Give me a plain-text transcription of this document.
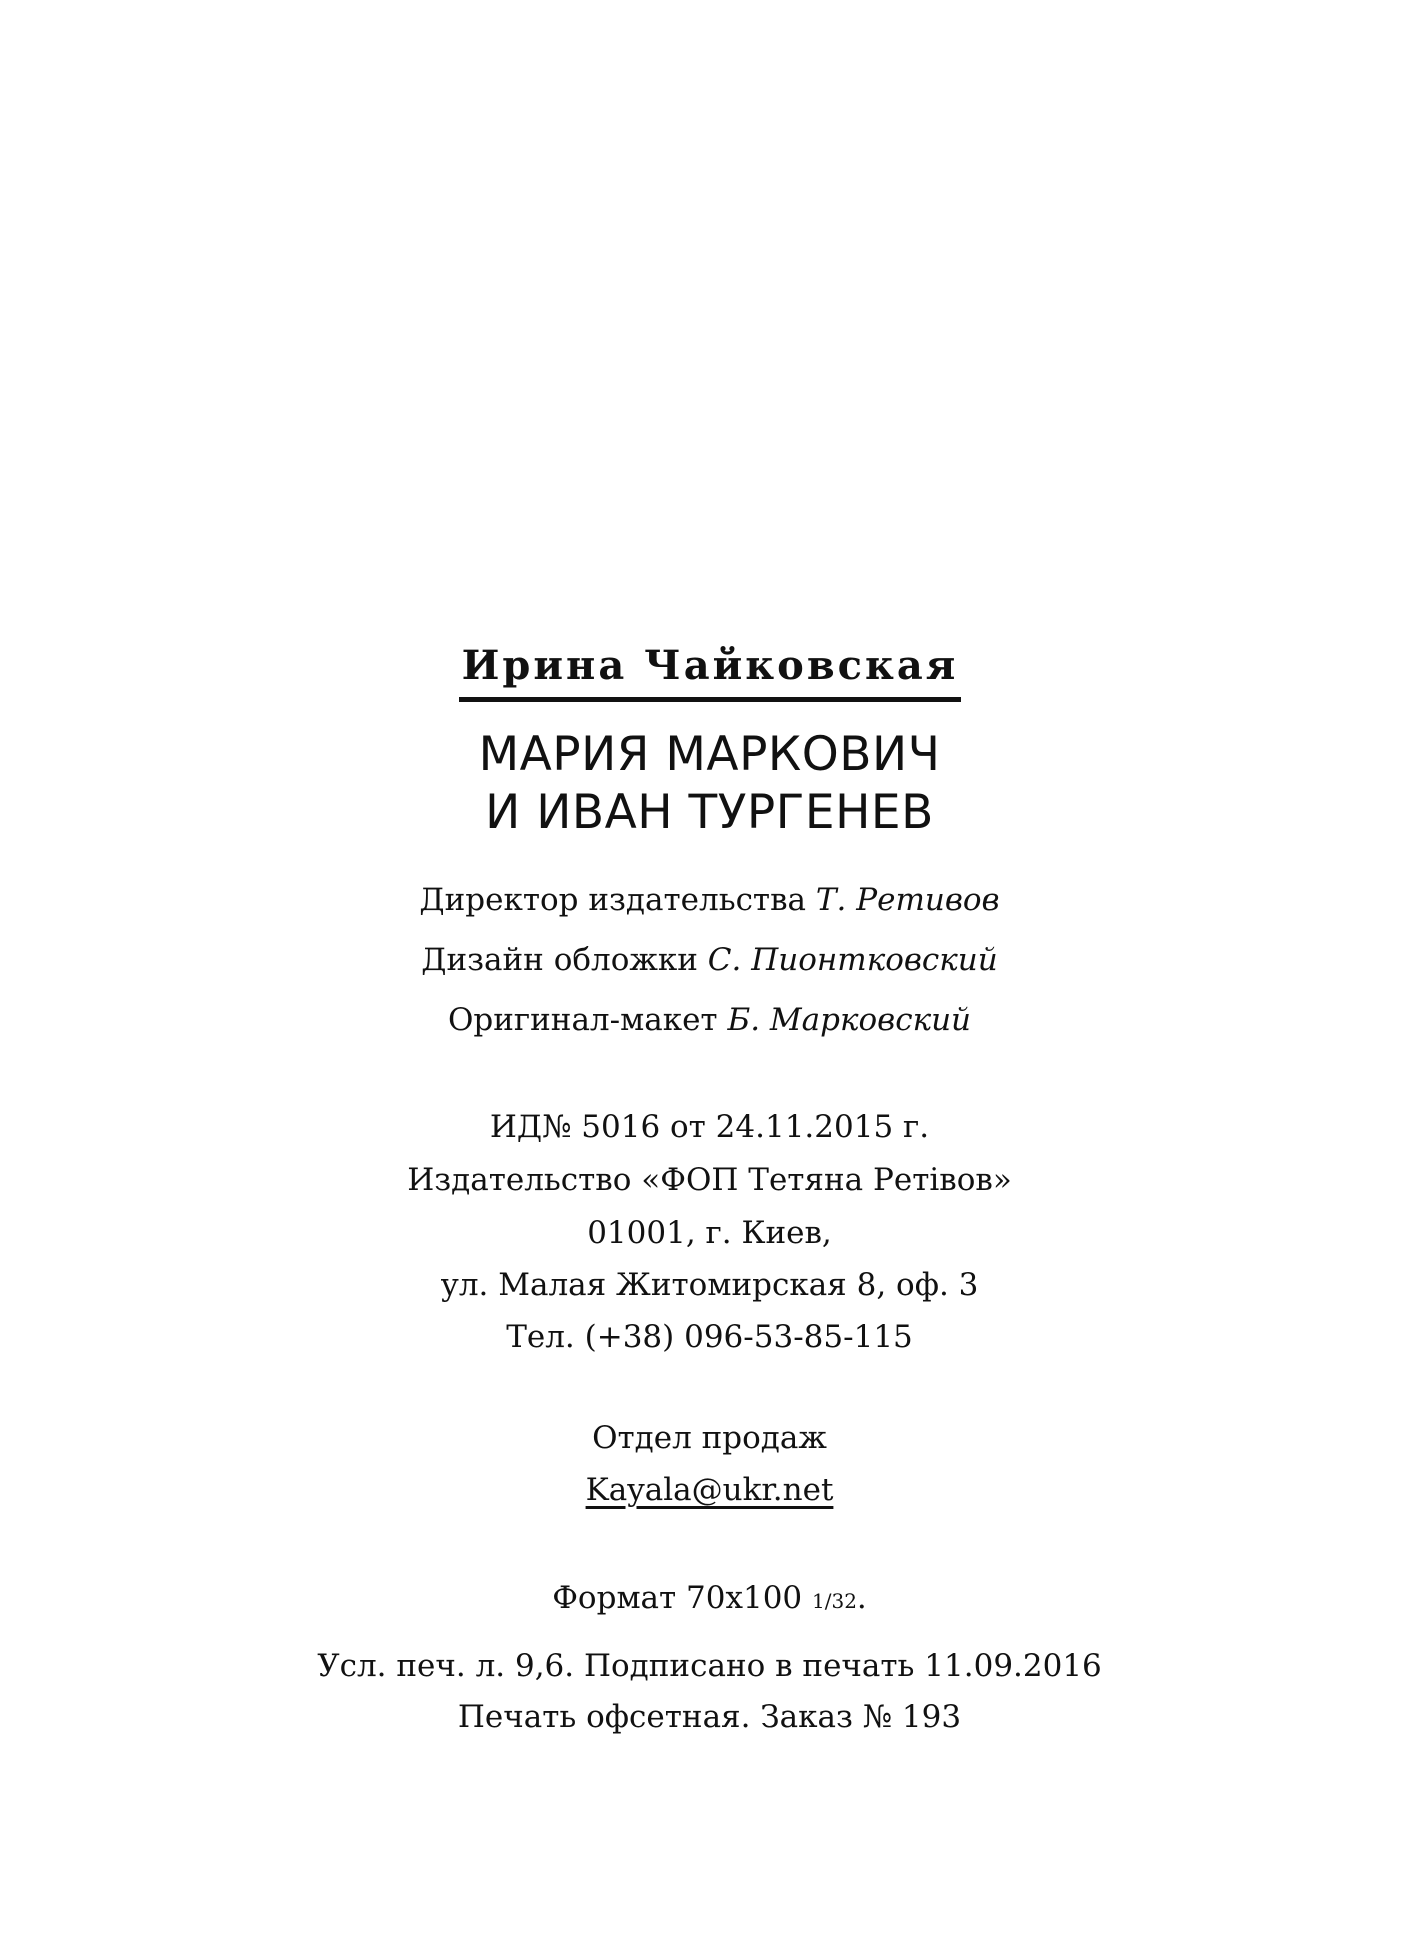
Ирина Чайковская
МАРИЯ МАРКОВИЧ
И ИВАН ТУРГЕНЕВ
Директор издательства Т. Ретивов
Дизайн обложки С. Пионтковский
Оригинал-макет Б. Марковский
ИД№ 5016 от 24.11.2015 г.
Издательство «ФОП Тетяна Ретівов»
01001, г. Киев,
ул. Малая Житомирская 8, оф. 3
Тел. (+38) 096-53-85-115
Отдел продаж
Kayala@ukr.net
Формат 70х100 1/32.
Усл. печ. л. 9,6. Подписано в печать 11.09.2016
Печать офсетная. Заказ № 193
